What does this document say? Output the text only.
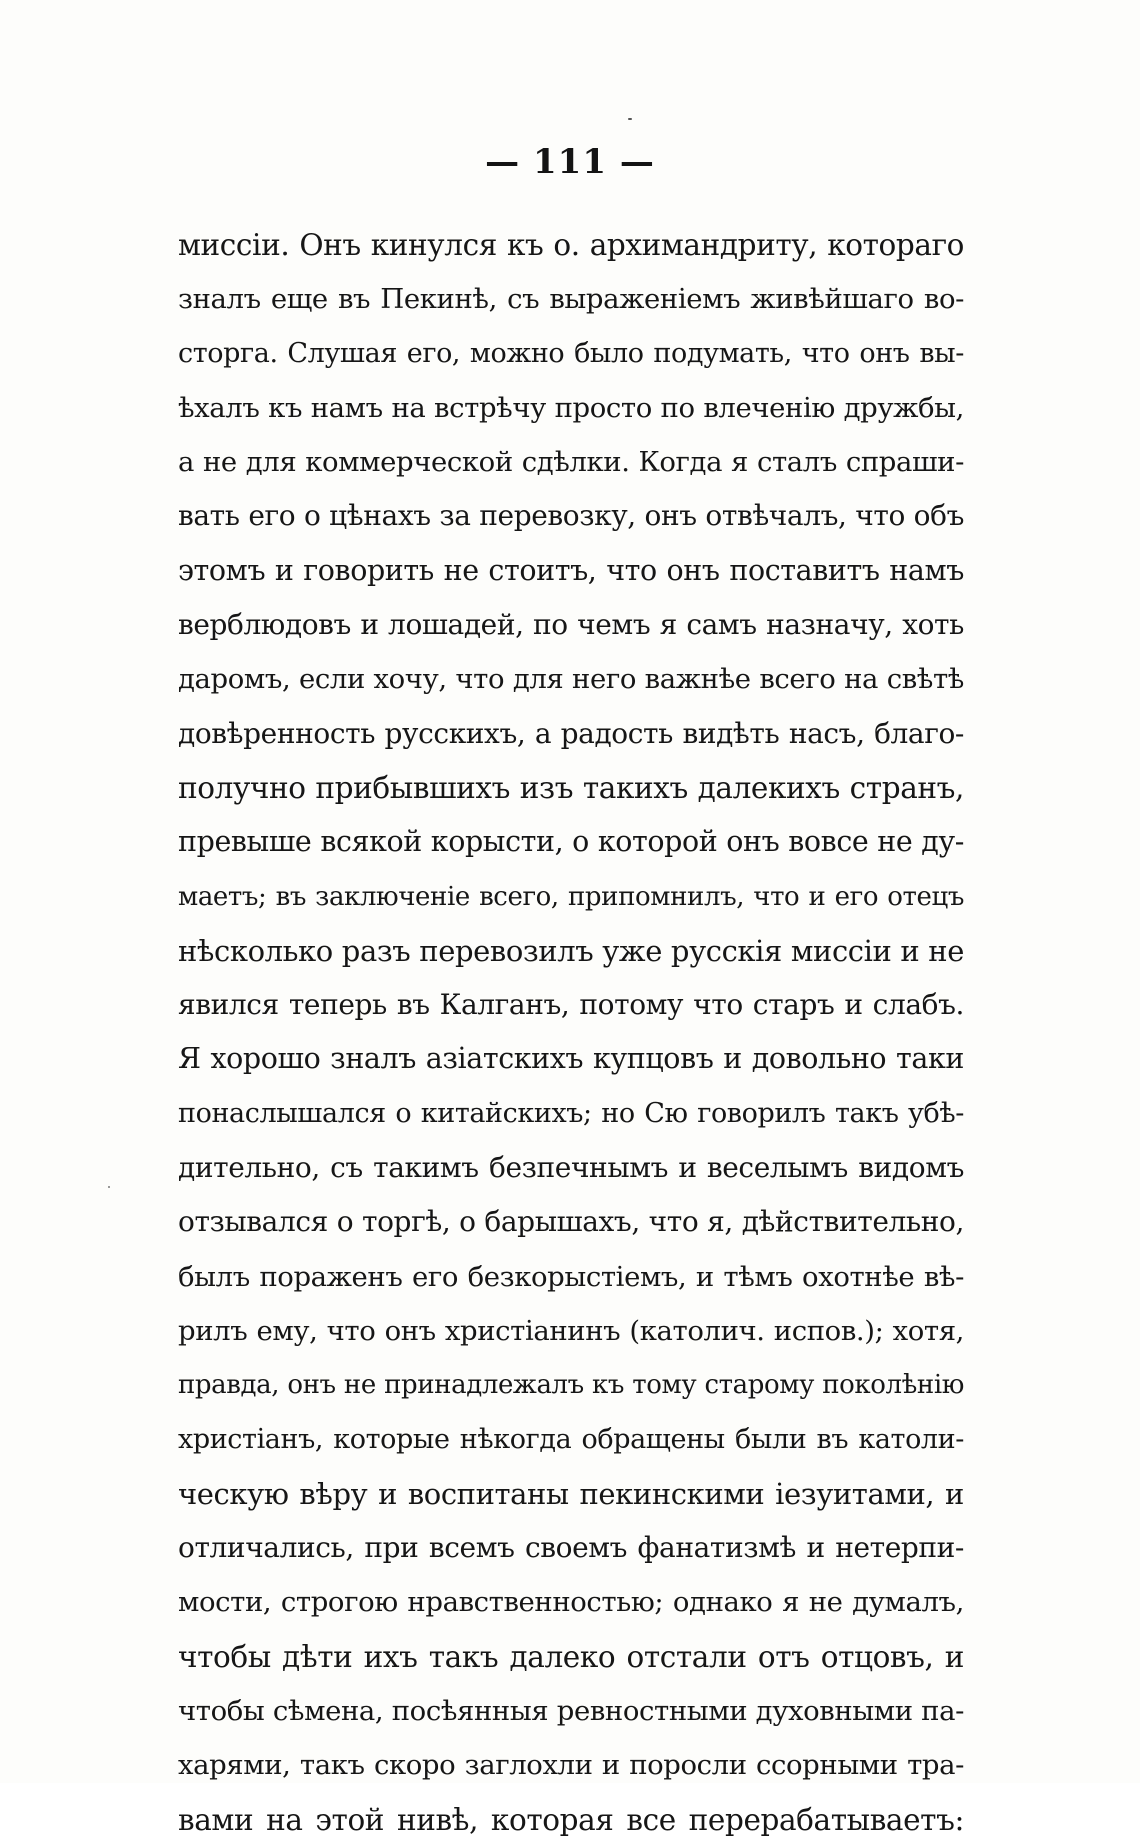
— 111 —
миссіи. Онъ кинулся къ о. архимандриту, котораго
зналъ еще въ Пекинѣ, съ выраженіемъ живѣйшаго во-
сторга. Слушая его, можно было подумать, что онъ вы-
ѣхалъ къ намъ на встрѣчу просто по влеченію дружбы,
а не для коммерческой сдѣлки. Когда я сталъ спраши-
вать его о цѣнахъ за перевозку, онъ отвѣчалъ, что объ
этомъ и говорить не стоитъ, что онъ поставитъ намъ
верблюдовъ и лошадей, по чемъ я самъ назначу, хоть
даромъ, если хочу, что для него важнѣе всего на свѣтѣ
довѣренность русскихъ, а радость видѣть насъ, благо-
получно прибывшихъ изъ такихъ далекихъ странъ,
превыше всякой корысти, о которой онъ вовсе не ду-
маетъ; въ заключеніе всего, припомнилъ, что и его отецъ
нѣсколько разъ перевозилъ уже русскія миссіи и не
явился теперь въ Калганъ, потому что старъ и слабъ.
Я хорошо зналъ азіатскихъ купцовъ и довольно таки
понаслышался о китайскихъ; но Сю говорилъ такъ убѣ-
дительно, съ такимъ безпечнымъ и веселымъ видомъ
отзывался о торгѣ, о барышахъ, что я, дѣйствительно,
былъ пораженъ его безкорыстіемъ, и тѣмъ охотнѣе вѣ-
рилъ ему, что онъ христіанинъ (католич. испов.); хотя,
правда, онъ не принадлежалъ къ тому старому поколѣнію
христіанъ, которые нѣкогда обращены были въ католи-
ческую вѣру и воспитаны пекинскими іезуитами, и
отличались, при всемъ своемъ фанатизмѣ и нетерпи-
мости, строгою нравственностью; однако я не думалъ,
чтобы дѣти ихъ такъ далеко отстали отъ отцовъ, и
чтобы сѣмена, посѣянныя ревностными духовными па-
харями, такъ скоро заглохли и поросли ссорными тра-
вами на этой нивѣ, которая все перерабатываетъ:
